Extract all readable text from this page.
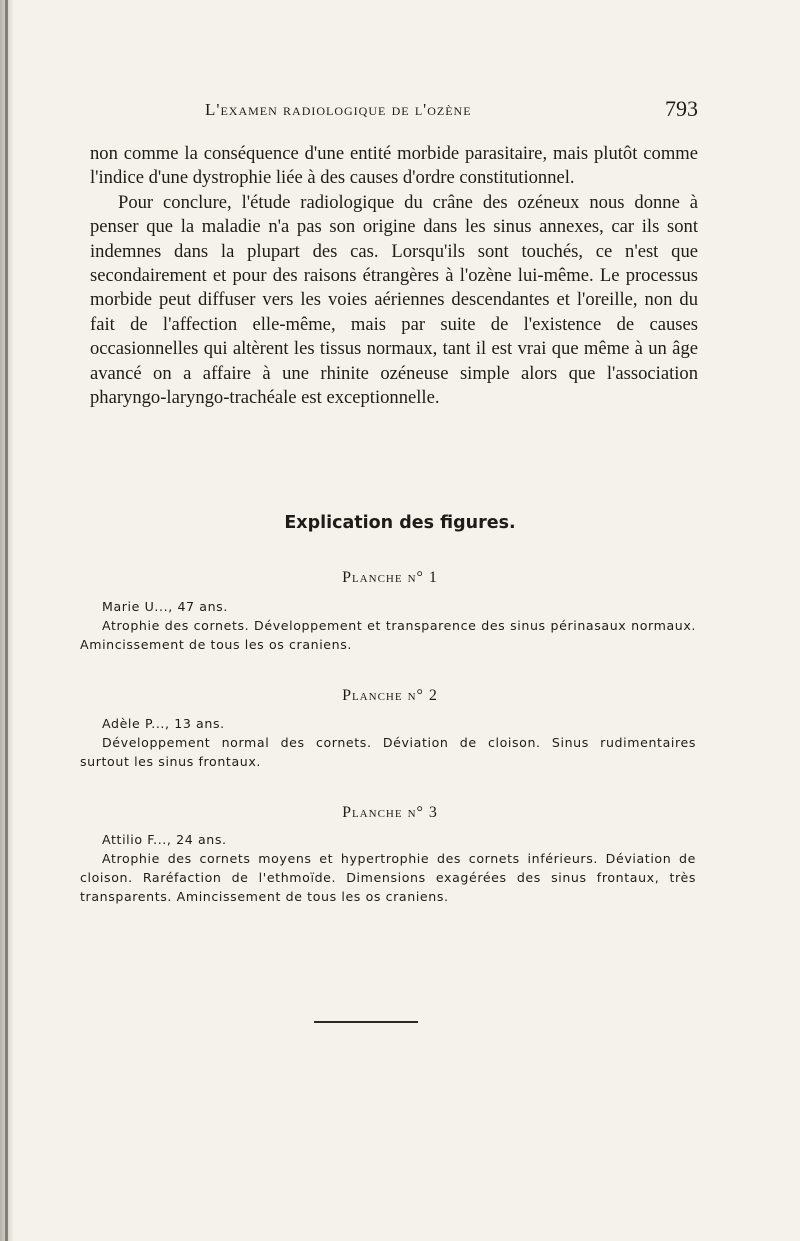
L'examen radiologique de l'ozène	793

non comme la conséquence d'une entité morbide parasitaire, mais plutôt comme l'indice d'une dystrophie liée à des causes d'ordre constitutionnel.

Pour conclure, l'étude radiologique du crâne des ozéneux nous donne à penser que la maladie n'a pas son origine dans les sinus annexes, car ils sont indemnes dans la plupart des cas. Lorsqu'ils sont touchés, ce n'est que secondairement et pour des raisons étrangères à l'ozène lui-même. Le processus morbide peut diffuser vers les voies aériennes descendantes et l'oreille, non du fait de l'affection elle-même, mais par suite de l'existence de causes occasionnelles qui altèrent les tissus normaux, tant il est vrai que même à un âge avancé on a affaire à une rhinite ozéneuse simple alors que l'association pharyngo-laryngo-trachéale est exceptionnelle.

Explication des figures.
Planche n° 1
Marie U..., 47 ans.

Atrophie des cornets. Développement et transparence des sinus périnasaux normaux. Amincissement de tous les os craniens.

Planche n° 2
Adèle P..., 13 ans.

Développement normal des cornets. Déviation de cloison. Sinus rudimentaires surtout les sinus frontaux.

Planche n° 3
Attilio F..., 24 ans.

Atrophie des cornets moyens et hypertrophie des cornets inférieurs. Déviation de cloison. Raréfaction de l'ethmoïde. Dimensions exagérées des sinus frontaux, très transparents. Amincissement de tous les os craniens.
